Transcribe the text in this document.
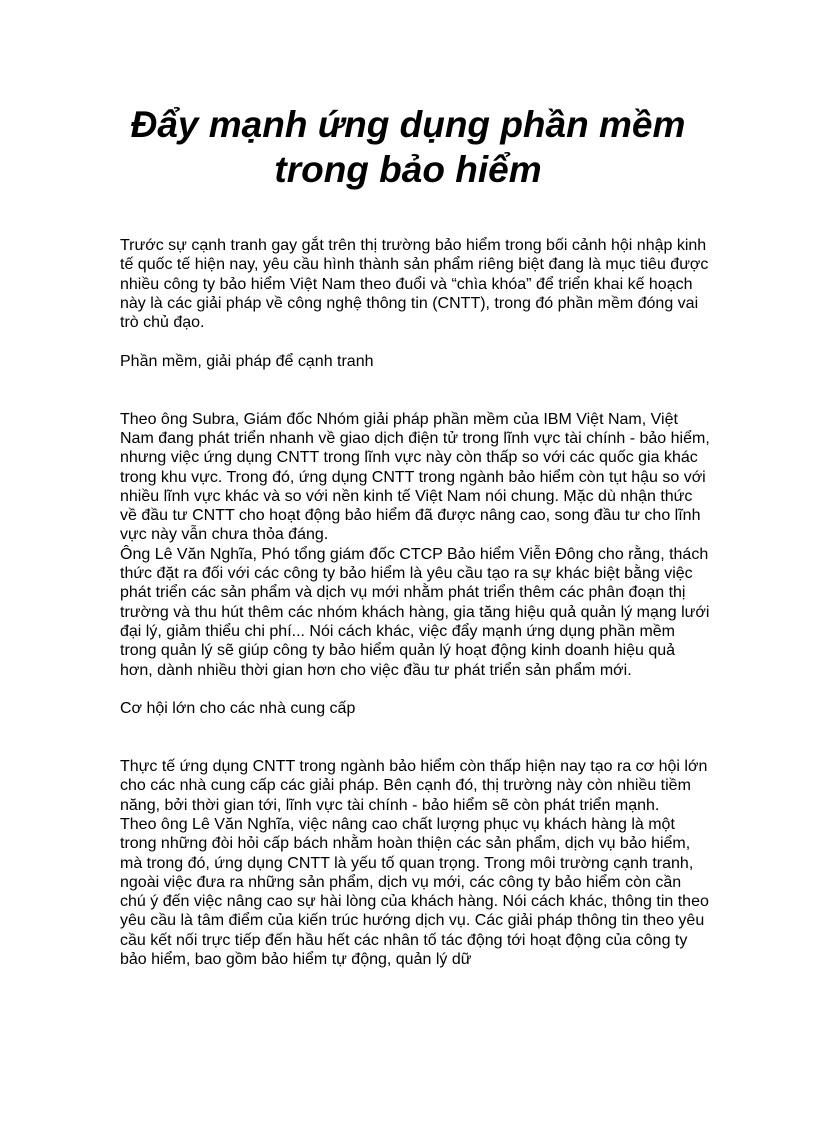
Đẩy mạnh ứng dụng phần mềm trong bảo hiểm

Trước sự cạnh tranh gay gắt trên thị trường bảo hiểm trong bối cảnh hội nhập kinh tế quốc tế hiện nay, yêu cầu hình thành sản phẩm riêng biệt đang là mục tiêu được nhiều công ty bảo hiểm Việt Nam theo đuổi và “chìa khóa” để triển khai kế hoạch này là các giải pháp về công nghệ thông tin (CNTT), trong đó phần mềm đóng vai trò chủ đạo.

Phần mềm, giải pháp để cạnh tranh

Theo ông Subra, Giám đốc Nhóm giải pháp phần mềm của IBM Việt Nam, Việt Nam đang phát triển nhanh về giao dịch điện tử trong lĩnh vực tài chính - bảo hiểm, nhưng việc ứng dụng CNTT trong lĩnh vực này còn thấp so với các quốc gia khác trong khu vực. Trong đó, ứng dụng CNTT trong ngành bảo hiểm còn tụt hậu so với nhiều lĩnh vực khác và so với nền kinh tế Việt Nam nói chung. Mặc dù nhận thức về đầu tư CNTT cho hoạt động bảo hiểm đã được nâng cao, song đầu tư cho lĩnh vực này vẫn chưa thỏa đáng.

Ông Lê Văn Nghĩa, Phó tổng giám đốc CTCP Bảo hiểm Viễn Đông cho rằng, thách thức đặt ra đối với các công ty bảo hiểm là yêu cầu tạo ra sự khác biệt bằng việc phát triển các sản phẩm và dịch vụ mới nhằm phát triển thêm các phân đoạn thị trường và thu hút thêm các nhóm khách hàng, gia tăng hiệu quả quản lý mạng lưới đại lý, giảm thiểu chi phí... Nói cách khác, việc đẩy mạnh ứng dụng phần mềm trong quản lý sẽ giúp công ty bảo hiểm quản lý hoạt động kinh doanh hiệu quả hơn, dành nhiều thời gian hơn cho việc đầu tư phát triển sản phẩm mới.

Cơ hội lớn cho các nhà cung cấp

Thực tế ứng dụng CNTT trong ngành bảo hiểm còn thấp hiện nay tạo ra cơ hội lớn cho các nhà cung cấp các giải pháp. Bên cạnh đó, thị trường này còn nhiều tiềm năng, bởi thời gian tới, lĩnh vực tài chính - bảo hiểm sẽ còn phát triển mạnh.

Theo ông Lê Văn Nghĩa, việc nâng cao chất lượng phục vụ khách hàng là một trong những đòi hỏi cấp bách nhằm hoàn thiện các sản phẩm, dịch vụ bảo hiểm, mà trong đó, ứng dụng CNTT là yếu tố quan trọng. Trong môi trường cạnh tranh, ngoài việc đưa ra những sản phẩm, dịch vụ mới, các công ty bảo hiểm còn cần chú ý đến việc nâng cao sự hài lòng của khách hàng. Nói cách khác, thông tin theo yêu cầu là tâm điểm của kiến trúc hướng dịch vụ. Các giải pháp thông tin theo yêu cầu kết nối trực tiếp đến hầu hết các nhân tố tác động tới hoạt động của công ty bảo hiểm, bao gồm bảo hiểm tự động, quản lý dữ
